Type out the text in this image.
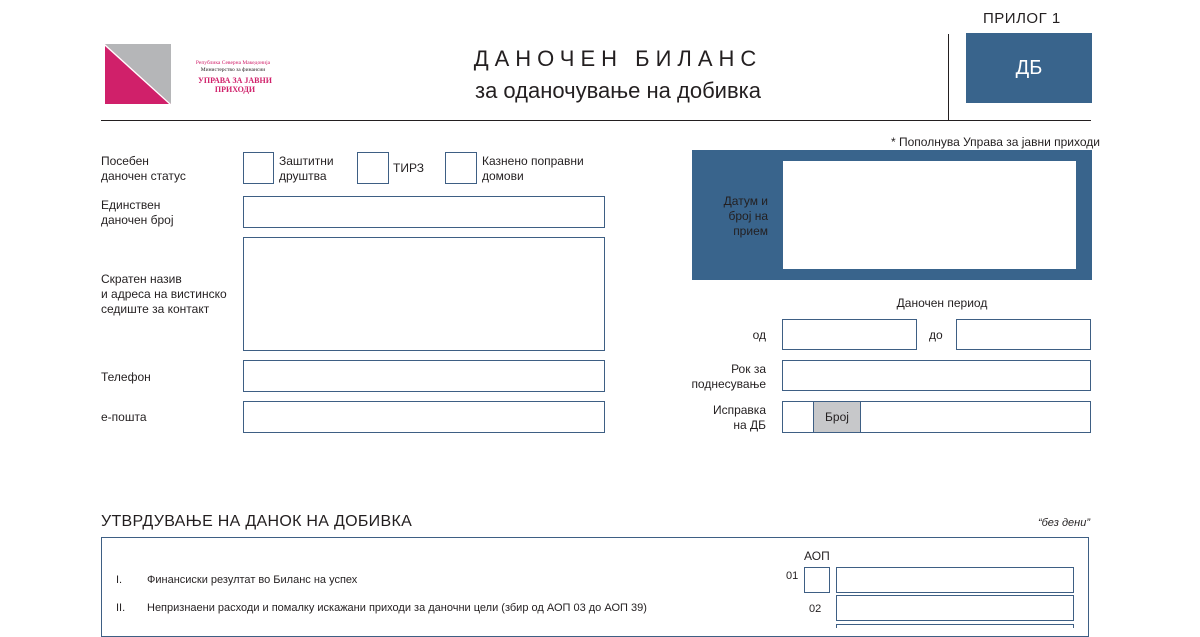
Република Северна Македонија
Министерство за финансии
УПРАВА ЗА ЈАВНИ ПРИХОДИ
ДАНОЧЕН БИЛАНС
за оданочување на добивка
ПРИЛОГ 1
ДБ
* Пополнува Управа за јавни приходи
Посебен
даночен статус
Заштитни
друштва
ТИРЗ	Казнено поправни
домови
Единствен
даночен број
Скратен назив
и адреса на вистинско
седиште за контакт
Телефон
е-пошта
Датум и
број на
прием
Даночен период
од	до
Рок за
поднесување
Исправка
на ДБ
Број
УТВРДУВАЊЕ НА ДАНОК НА ДОБИВКА	“без дени”
АОП
I. Финансиски резултат во Биланс на успех	01
II. Непризнаени расходи и помалку искажани приходи за даночни цели (збир од АОП 03 до АОП 39)	02
